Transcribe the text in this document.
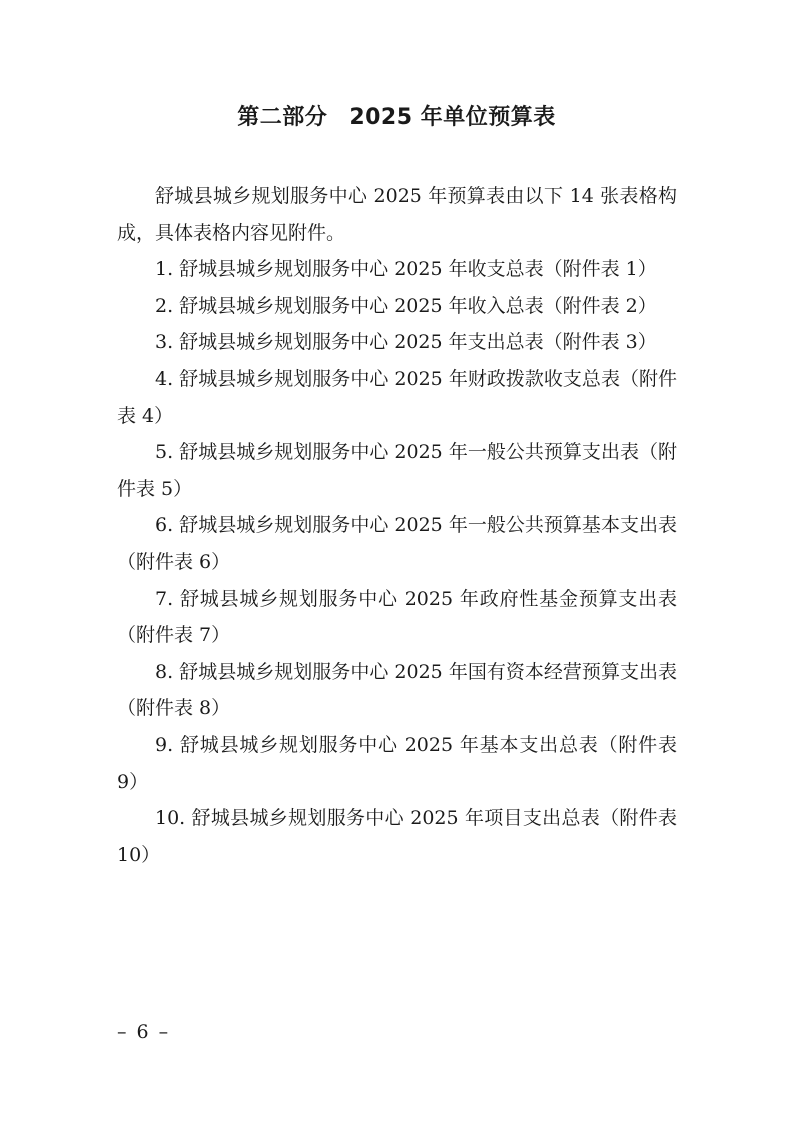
第二部分 2025 年单位预算表

舒城县城乡规划服务中心 2025 年预算表由以下 14 张表格构成，具体表格内容见附件。

1. 舒城县城乡规划服务中心 2025 年收支总表（附件表 1）

2. 舒城县城乡规划服务中心 2025 年收入总表（附件表 2）

3. 舒城县城乡规划服务中心 2025 年支出总表（附件表 3）

4. 舒城县城乡规划服务中心 2025 年财政拨款收支总表（附件表 4）

5. 舒城县城乡规划服务中心 2025 年一般公共预算支出表（附件表 5）

6. 舒城县城乡规划服务中心 2025 年一般公共预算基本支出表（附件表 6）

7. 舒城县城乡规划服务中心 2025 年政府性基金预算支出表（附件表 7）

8. 舒城县城乡规划服务中心 2025 年国有资本经营预算支出表（附件表 8）

9. 舒城县城乡规划服务中心 2025 年基本支出总表（附件表 9）

10. 舒城县城乡规划服务中心 2025 年项目支出总表（附件表 10）

– 6 –
